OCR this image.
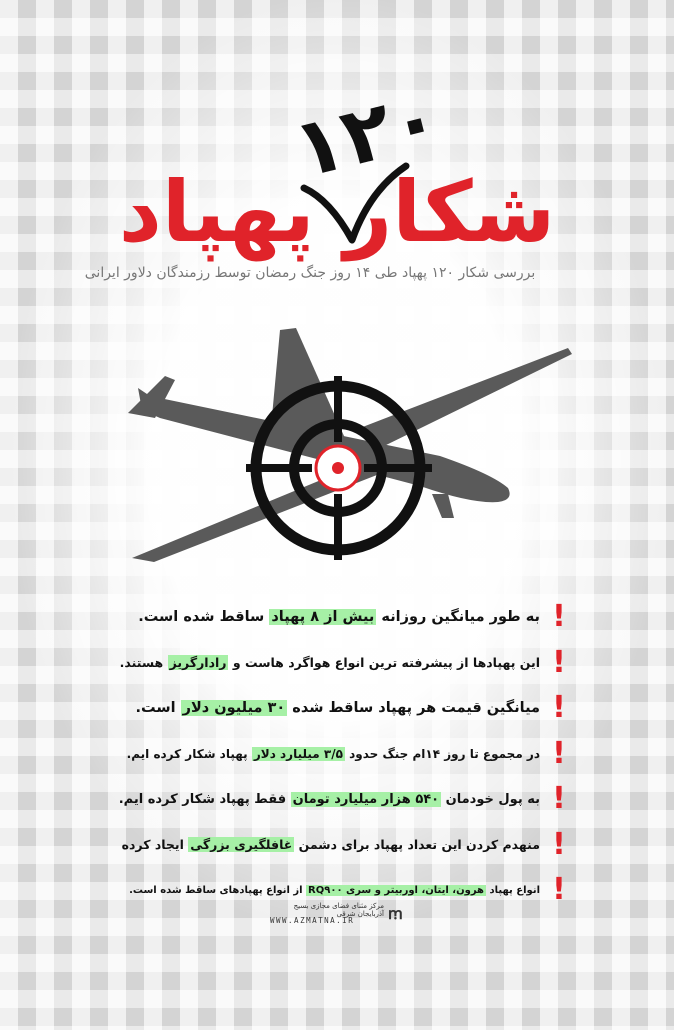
۱۲۰
شکار پهپاد
بررسی شکار ۱۲۰ پهپاد طی ۱۴ روز جنگ رمضان توسط رزمندگان دلاور ایرانی
!
به طور میانگین روزانه بیش از ۸ پهپاد ساقط شده است.
!
این پهپادها از پیشرفته ترین انواع هواگرد هاست و رادارگریز هستند.
!
میانگین قیمت هر پهپاد ساقط شده ۳۰ میلیون دلار است.
!
در مجموع تا روز ۱۴ام جنگ حدود ۳/۵ میلیارد دلار پهپاد شکار کرده ایم.
!
به پول خودمان ۵۴۰ هزار میلیارد تومان فقط پهپاد شکار کرده ایم.
!
منهدم کردن این تعداد پهپاد برای دشمن غافلگیری بزرگی ایجاد کرده
!
انواع پهپاد هرون، ایتان، اوربیتر و سری RQ۹۰۰ از انواع پهپادهای ساقط شده است.
ꭑ
مرکز مثنای فضای مجازی بسیج آذربایجان شرقی
WWW.AZMATNA.IR
